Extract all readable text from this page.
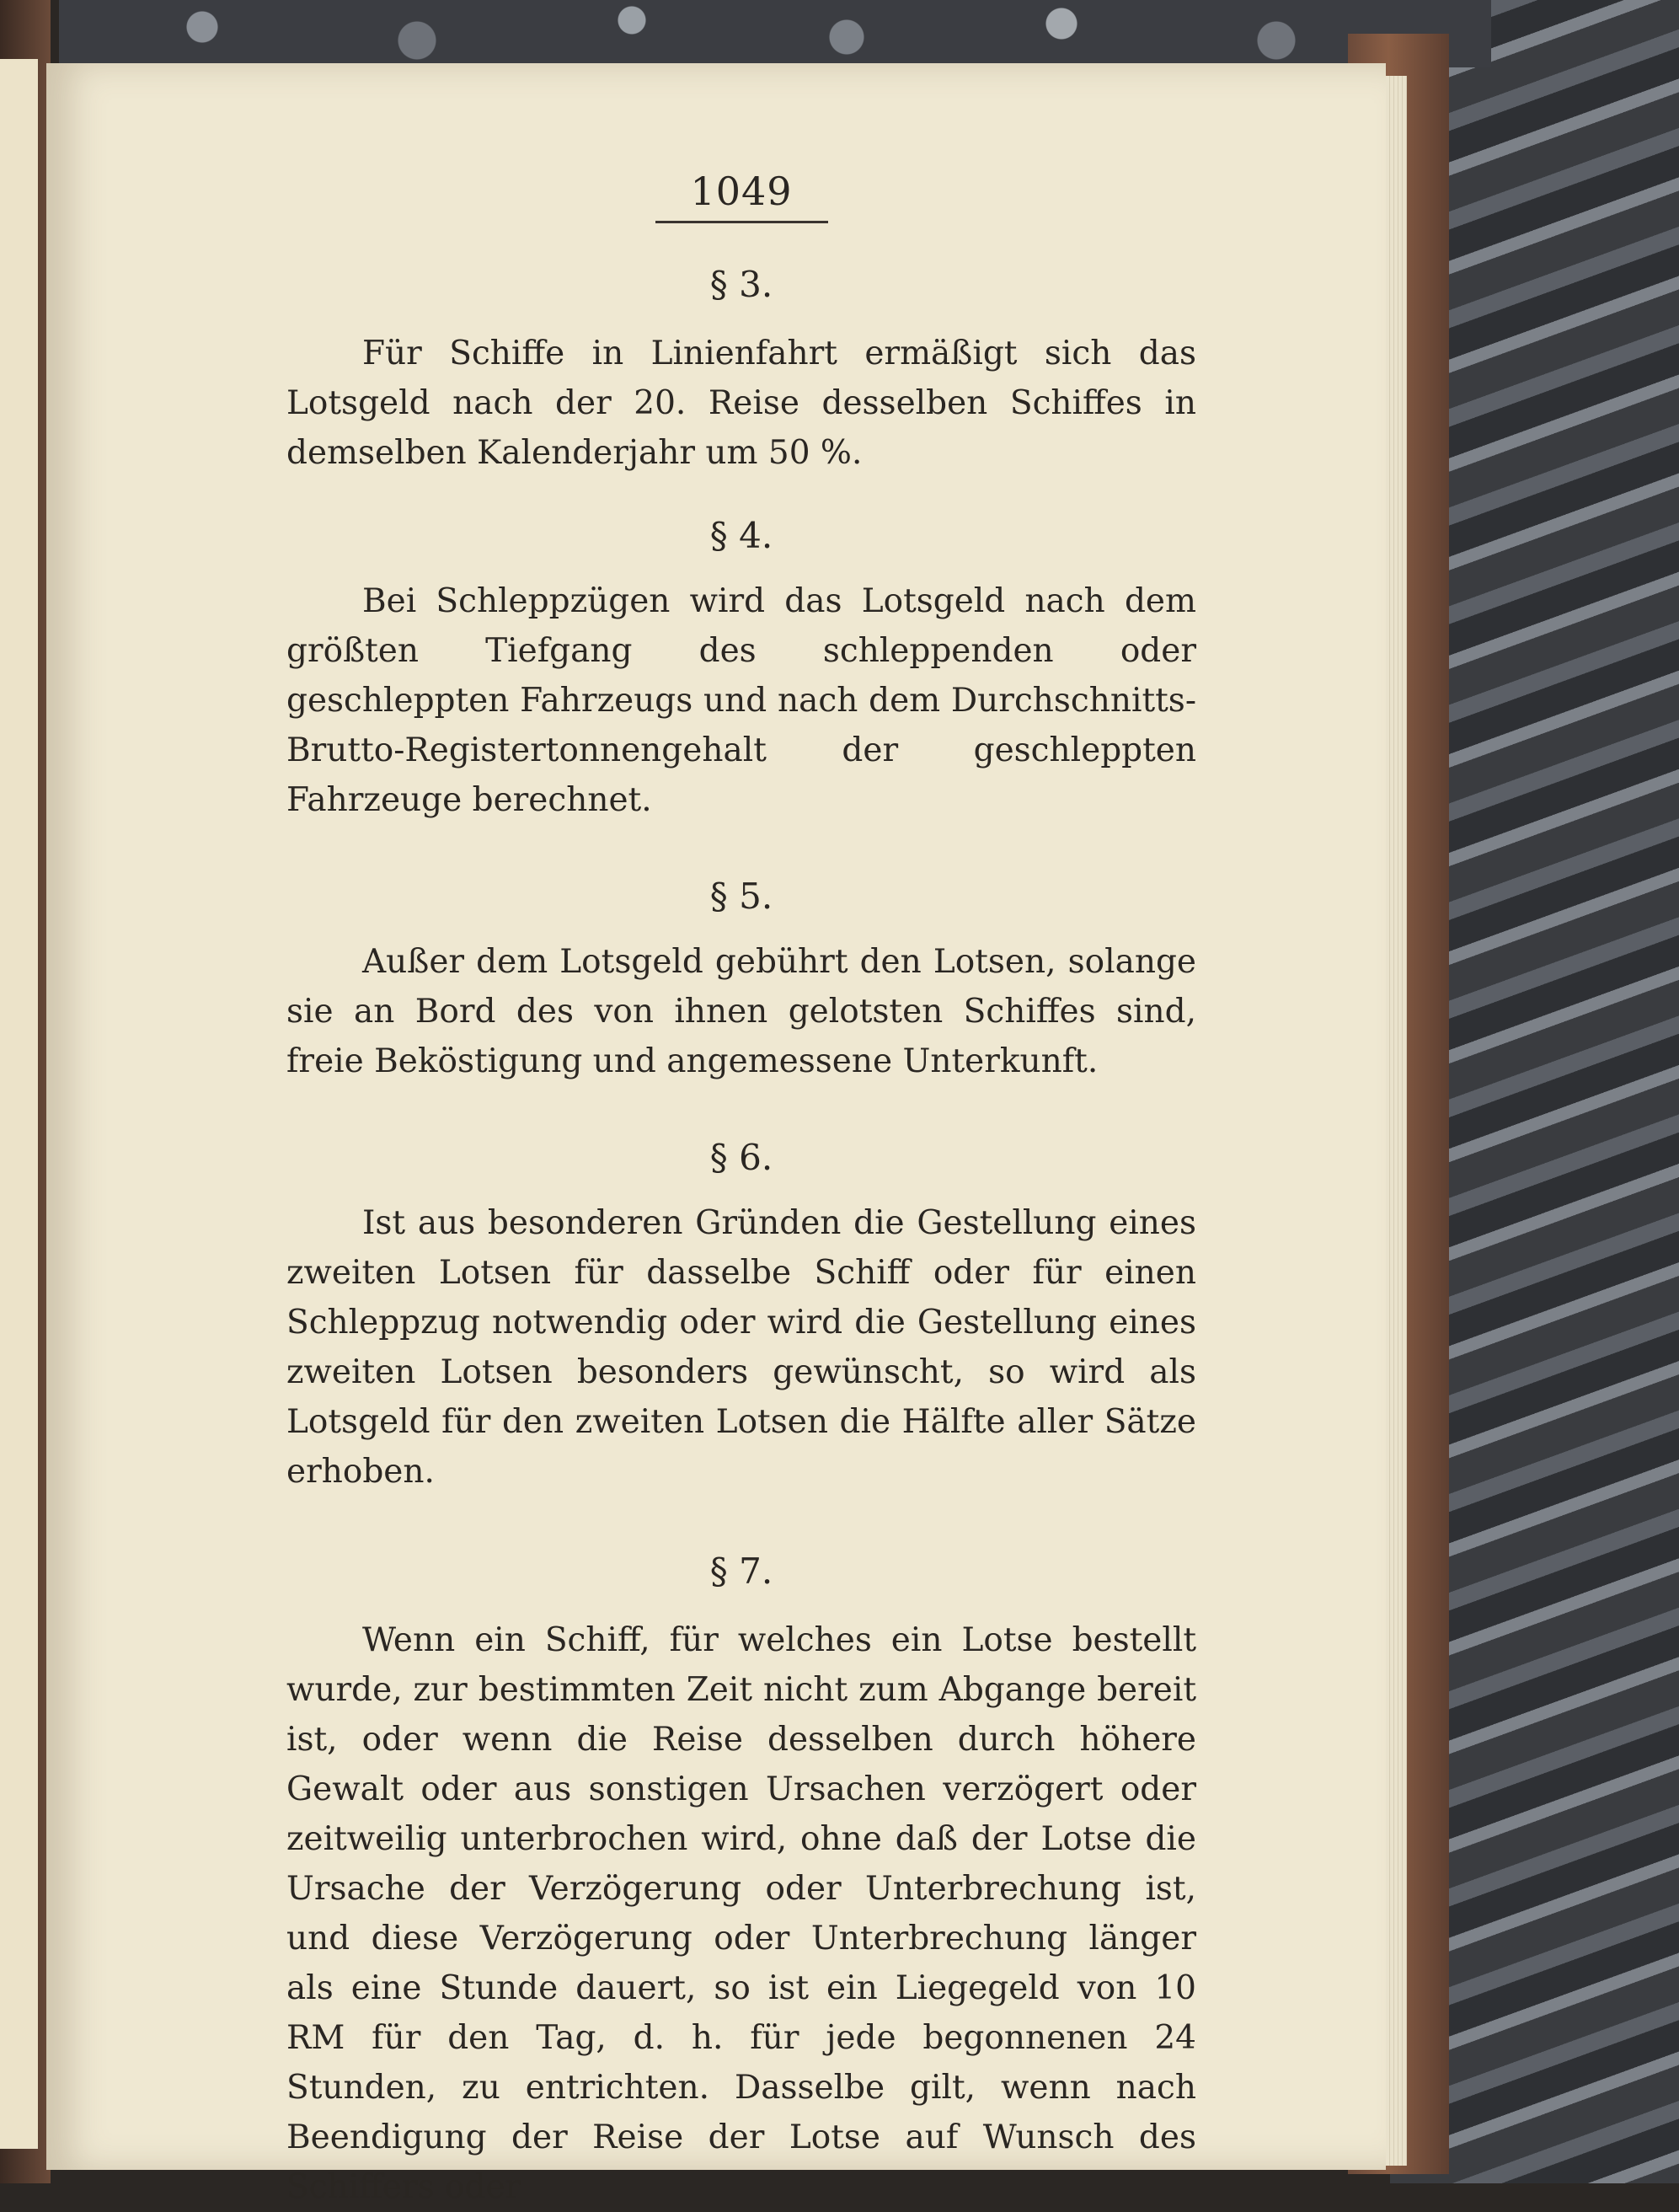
1049
§ 3.

Für Schiffe in Linienfahrt ermäßigt sich das Lotsgeld nach der 20. Reise desselben Schiffes in demselben Kalenderjahr um 50 %.

§ 4.

Bei Schleppzügen wird das Lotsgeld nach dem größten Tiefgang des schleppenden oder geschleppten Fahrzeugs und nach dem Durchschnitts-Brutto-Registertonnengehalt der geschleppten Fahrzeuge berechnet.

§ 5.

Außer dem Lotsgeld gebührt den Lotsen, solange sie an Bord des von ihnen gelotsten Schiffes sind, freie Beköstigung und angemessene Unterkunft.

§ 6.

Ist aus besonderen Gründen die Gestellung eines zweiten Lotsen für dasselbe Schiff oder für einen Schleppzug notwendig oder wird die Gestellung eines zweiten Lotsen besonders gewünscht, so wird als Lotsgeld für den zweiten Lotsen die Hälfte aller Sätze erhoben.

§ 7.

Wenn ein Schiff, für welches ein Lotse bestellt wurde, zur bestimmten Zeit nicht zum Abgange bereit ist, oder wenn die Reise desselben durch höhere Gewalt oder aus sonstigen Ursachen verzögert oder zeitweilig unterbrochen wird, ohne daß der Lotse die Ursache der Verzögerung oder Unterbrechung ist, und diese Verzögerung oder Unterbrechung länger als eine Stunde dauert, so ist ein Liegegeld von 10 RM für den Tag, d. h. für jede begonnenen 24 Stunden, zu entrichten. Dasselbe gilt, wenn nach Beendigung der Reise der Lotse auf Wunsch des Schiffers oder
